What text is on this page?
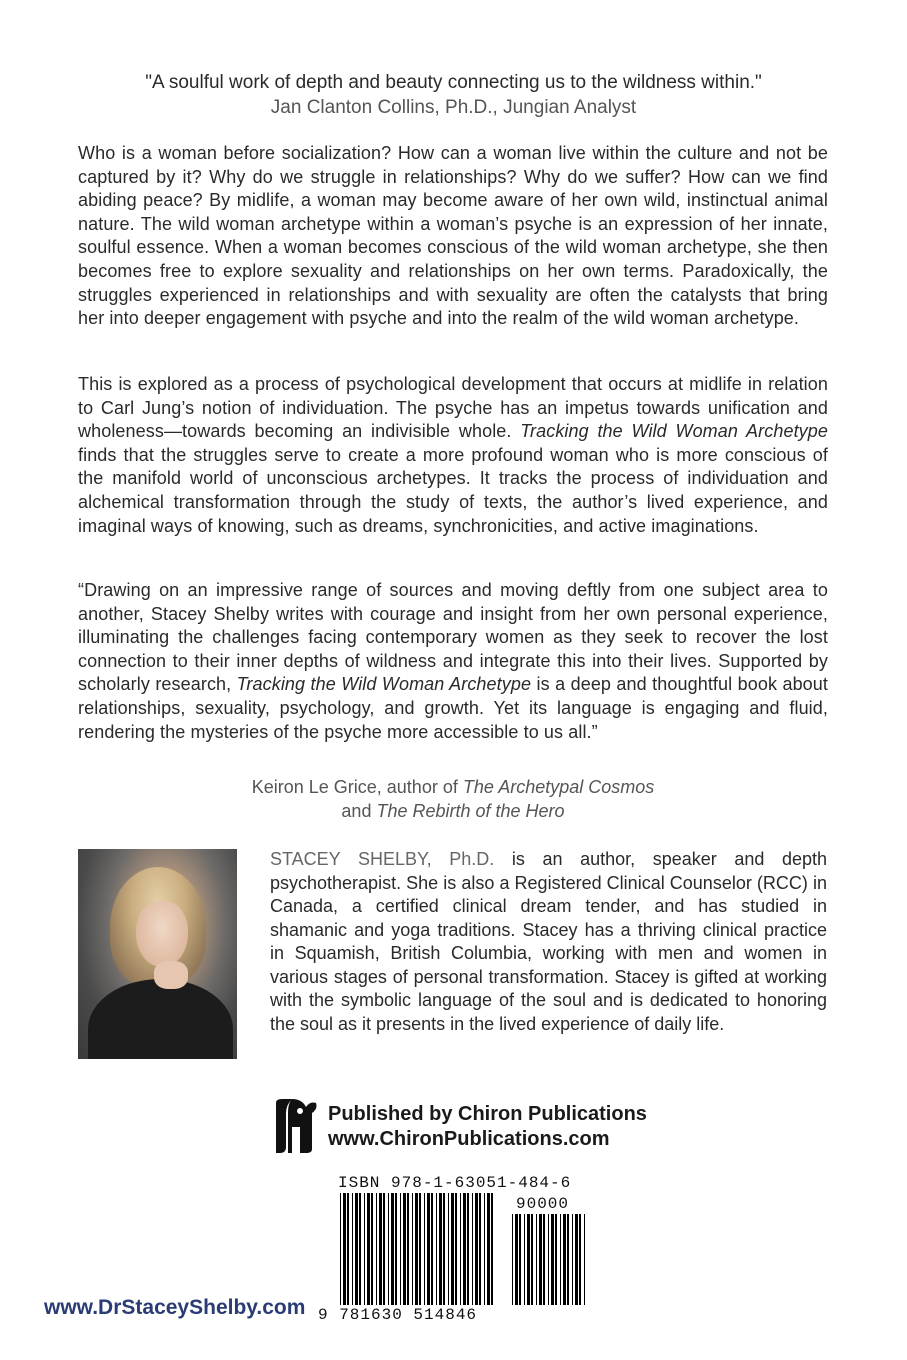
"A soulful work of depth and beauty connecting us to the wildness within."
Jan Clanton Collins, Ph.D., Jungian Analyst
Who is a woman before socialization? How can a woman live within the culture and not be captured by it? Why do we struggle in relationships? Why do we suffer? How can we find abiding peace? By midlife, a woman may become aware of her own wild, instinctual animal nature. The wild woman archetype within a woman’s psyche is an expression of her innate, soulful essence. When a woman becomes conscious of the wild woman archetype, she then becomes free to explore sexuality and relationships on her own terms. Paradoxically, the struggles experienced in relationships and with sexuality are often the catalysts that bring her into deeper engagement with psyche and into the realm of the wild woman archetype.
This is explored as a process of psychological development that occurs at midlife in relation to Carl Jung’s notion of individuation. The psyche has an impetus towards unification and wholeness—towards becoming an indivisible whole. Tracking the Wild Woman Archetype finds that the struggles serve to create a more profound woman who is more conscious of the manifold world of unconscious archetypes. It tracks the process of individuation and alchemical transformation through the study of texts, the author’s lived experience, and imaginal ways of knowing, such as dreams, synchronicities, and active imaginations.
“Drawing on an impressive range of sources and moving deftly from one subject area to another, Stacey Shelby writes with courage and insight from her own personal experience, illuminating the challenges facing contemporary women as they seek to recover the lost connection to their inner depths of wildness and integrate this into their lives. Supported by scholarly research, Tracking the Wild Woman Archetype is a deep and thoughtful book about relationships, sexuality, psychology, and growth. Yet its language is engaging and fluid, rendering the mysteries of the psyche more accessible to us all.”
Keiron Le Grice, author of The Archetypal Cosmos
and The Rebirth of the Hero
STACEY SHELBY, Ph.D. is an author, speaker and depth psychotherapist. She is also a Registered Clinical Counselor (RCC) in Canada, a certified clinical dream tender, and has studied in shamanic and yoga traditions. Stacey has a thriving clinical practice in Squamish, British Columbia, working with men and women in various stages of personal transformation. Stacey is gifted at working with the symbolic language of the soul and is dedicated to honoring the soul as it presents in the lived experience of daily life.
Published by Chiron Publications
www.ChironPublications.com
ISBN 978-1-63051-484-6
90000
9 781630 514846
www.DrStaceyShelby.com
